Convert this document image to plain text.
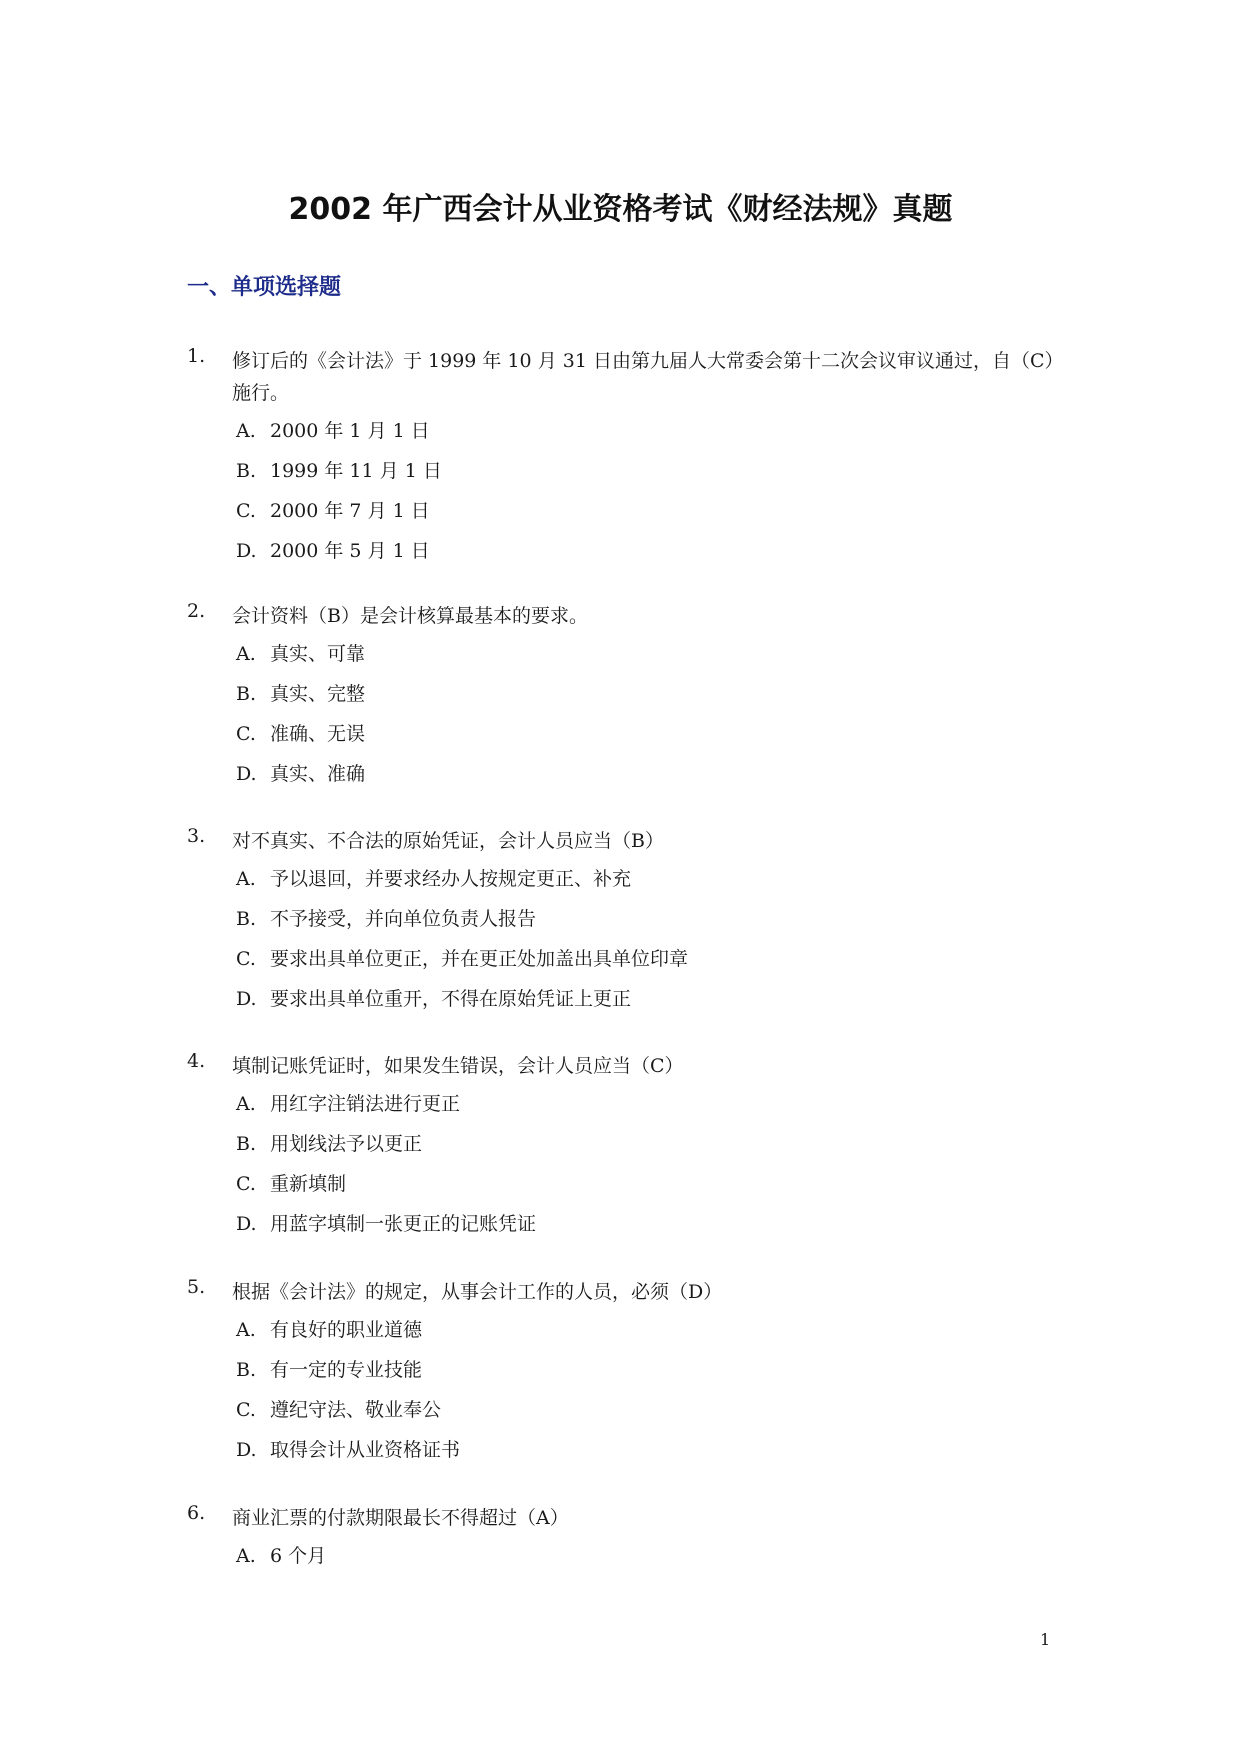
2002 年广西会计从业资格考试《财经法规》真题
一、单项选择题
1. 修订后的《会计法》于 1999 年 10 月 31 日由第九届人大常委会第十二次会议审议通过，自（C）施行。
A. 2000 年 1 月 1 日
B. 1999 年 11 月 1 日
C. 2000 年 7 月 1 日
D. 2000 年 5 月 1 日
2. 会计资料（B）是会计核算最基本的要求。
A. 真实、可靠
B. 真实、完整
C. 准确、无误
D. 真实、准确
3. 对不真实、不合法的原始凭证，会计人员应当（B）
A. 予以退回，并要求经办人按规定更正、补充
B. 不予接受，并向单位负责人报告
C. 要求出具单位更正，并在更正处加盖出具单位印章
D. 要求出具单位重开，不得在原始凭证上更正
4. 填制记账凭证时，如果发生错误，会计人员应当（C）
A. 用红字注销法进行更正
B. 用划线法予以更正
C. 重新填制
D. 用蓝字填制一张更正的记账凭证
5. 根据《会计法》的规定，从事会计工作的人员，必须（D）
A. 有良好的职业道德
B. 有一定的专业技能
C. 遵纪守法、敬业奉公
D. 取得会计从业资格证书
6. 商业汇票的付款期限最长不得超过（A）
A. 6 个月
1
